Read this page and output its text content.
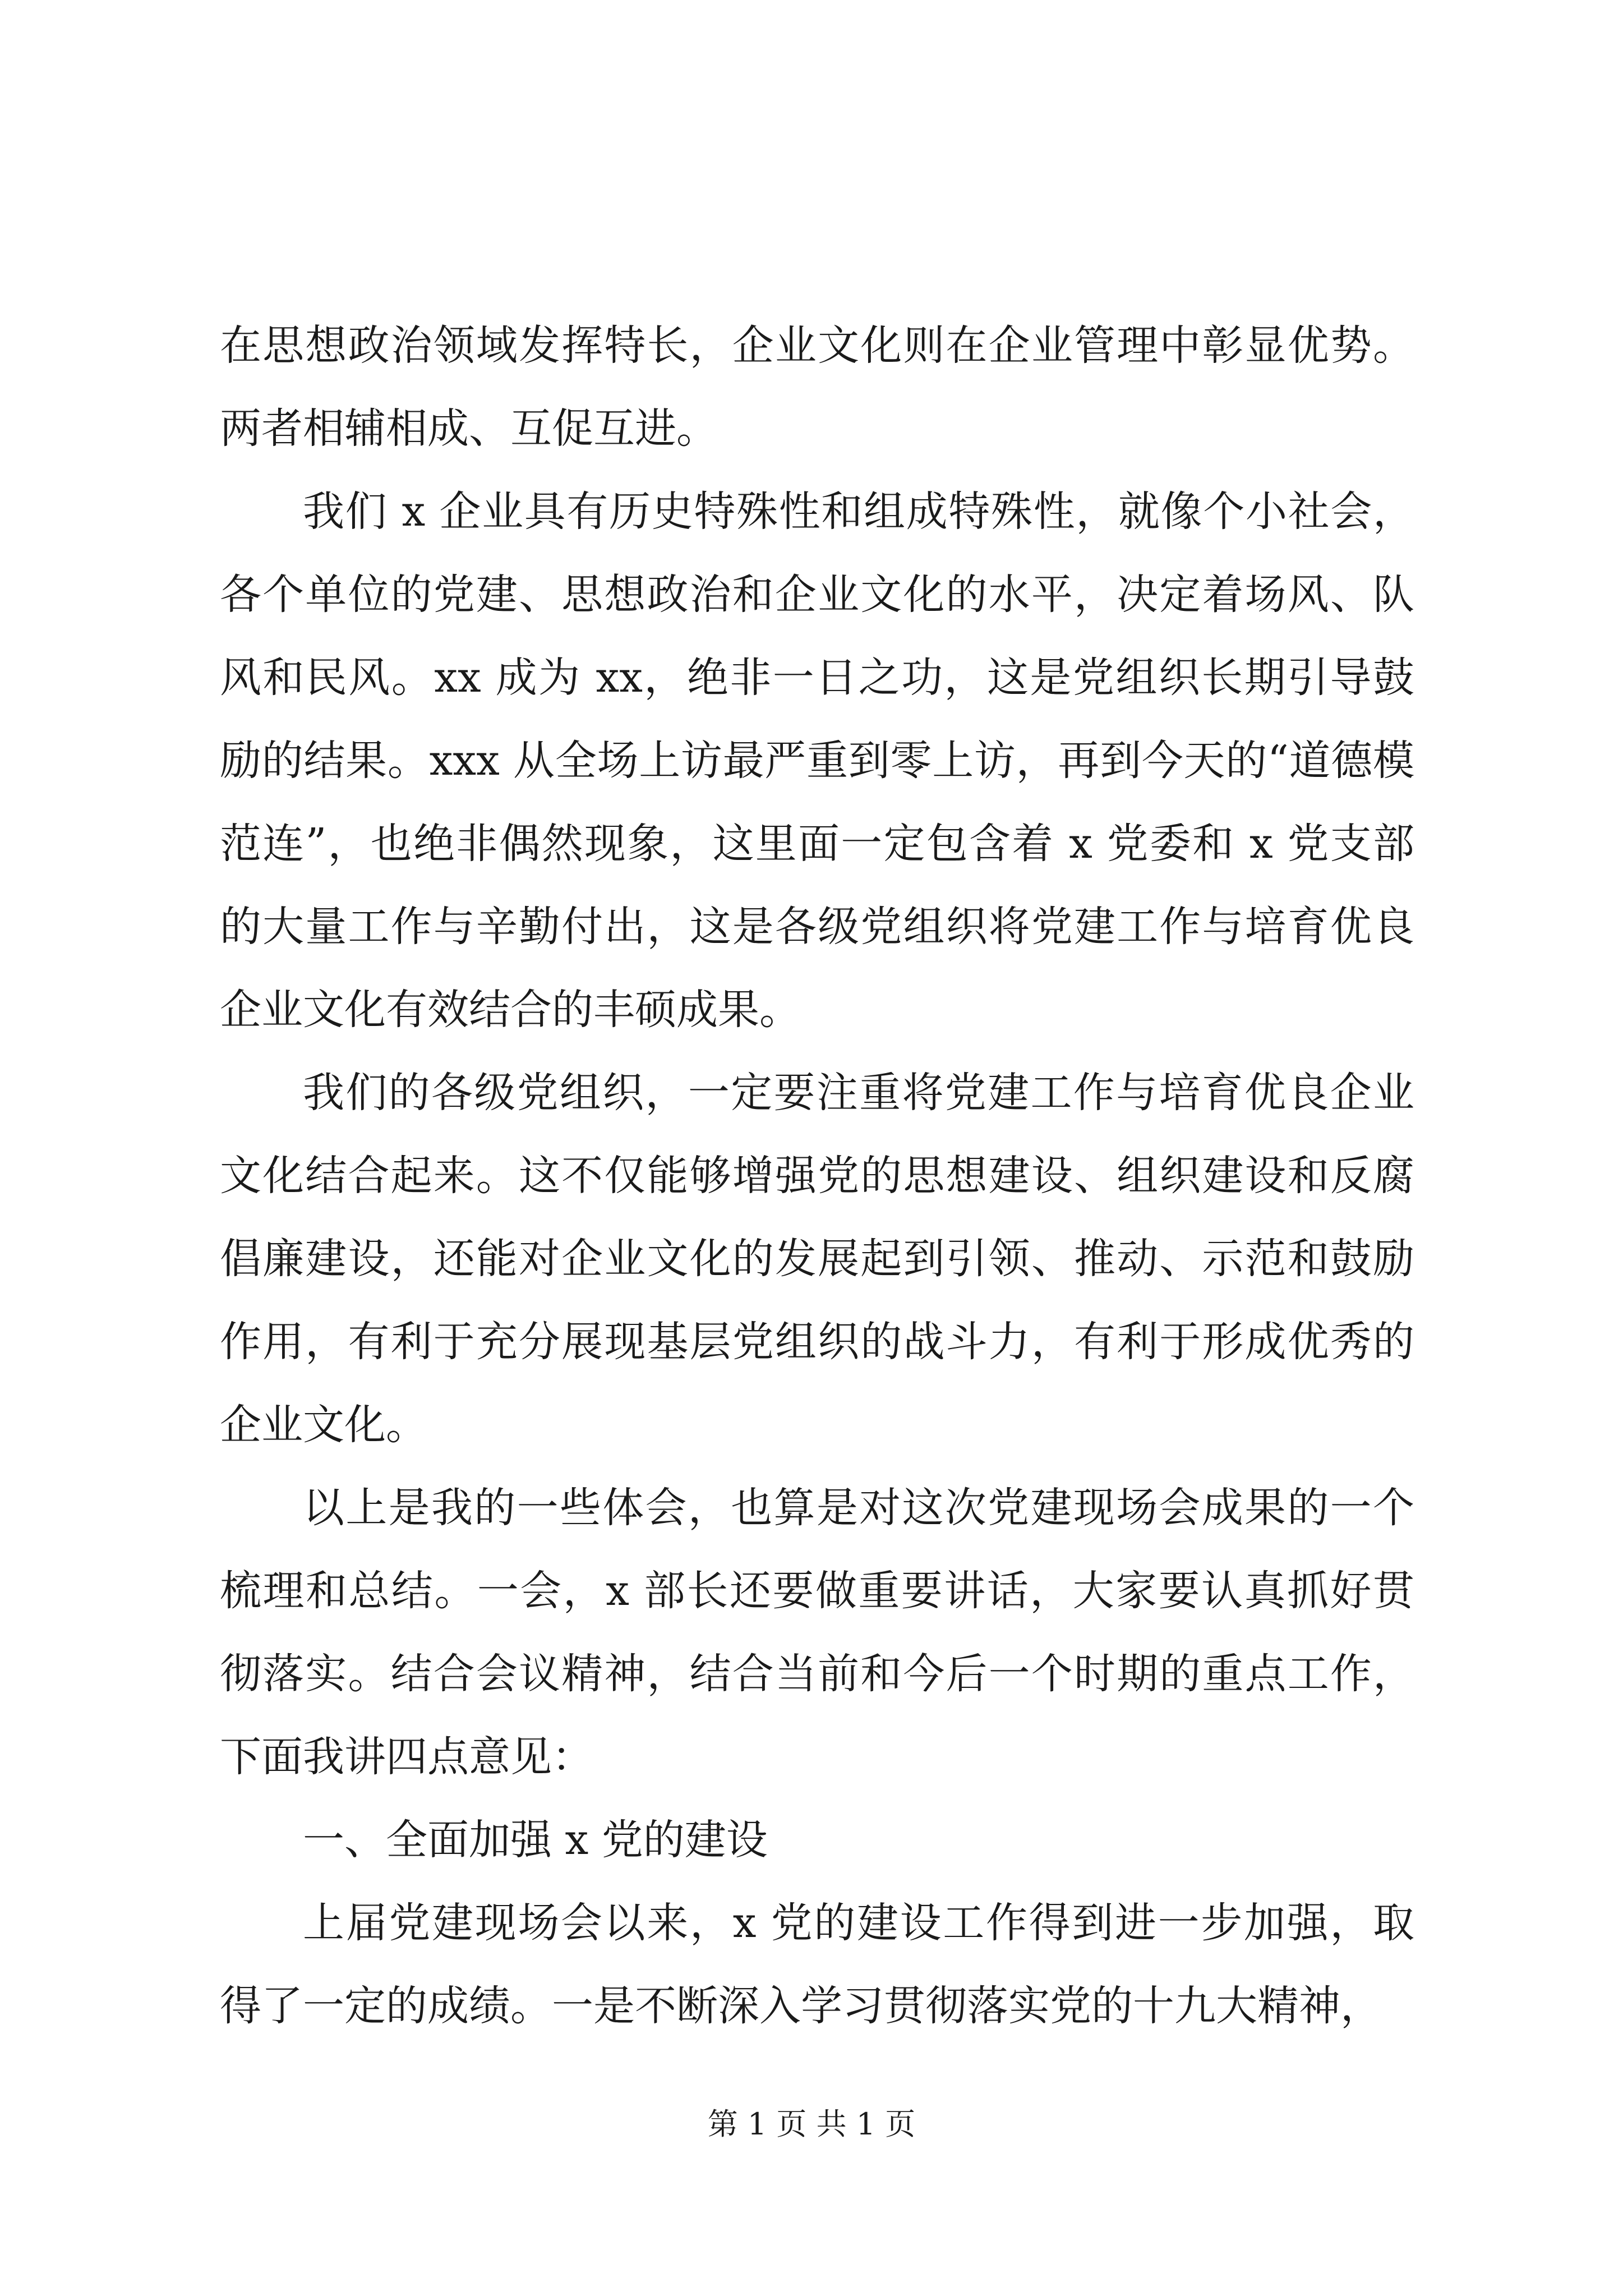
在思想政治领域发挥特长，企业文化则在企业管理中彰显优势。两者相辅相成、互促互进。

我们 x 企业具有历史特殊性和组成特殊性，就像个小社会，各个单位的党建、思想政治和企业文化的水平，决定着场风、队风和民风。xx 成为 xx，绝非一日之功，这是党组织长期引导鼓励的结果。xxx 从全场上访最严重到零上访，再到今天的“道德模范连”，也绝非偶然现象，这里面一定包含着 x 党委和 x 党支部的大量工作与辛勤付出，这是各级党组织将党建工作与培育优良企业文化有效结合的丰硕成果。

我们的各级党组织，一定要注重将党建工作与培育优良企业文化结合起来。这不仅能够增强党的思想建设、组织建设和反腐倡廉建设，还能对企业文化的发展起到引领、推动、示范和鼓励作用，有利于充分展现基层党组织的战斗力，有利于形成优秀的企业文化。

以上是我的一些体会，也算是对这次党建现场会成果的一个梳理和总结。一会，x 部长还要做重要讲话，大家要认真抓好贯彻落实。结合会议精神，结合当前和今后一个时期的重点工作，下面我讲四点意见：

一、全面加强 x 党的建设

上届党建现场会以来，x 党的建设工作得到进一步加强，取得了一定的成绩。一是不断深入学习贯彻落实党的十九大精神，

第 1 页 共 1 页
